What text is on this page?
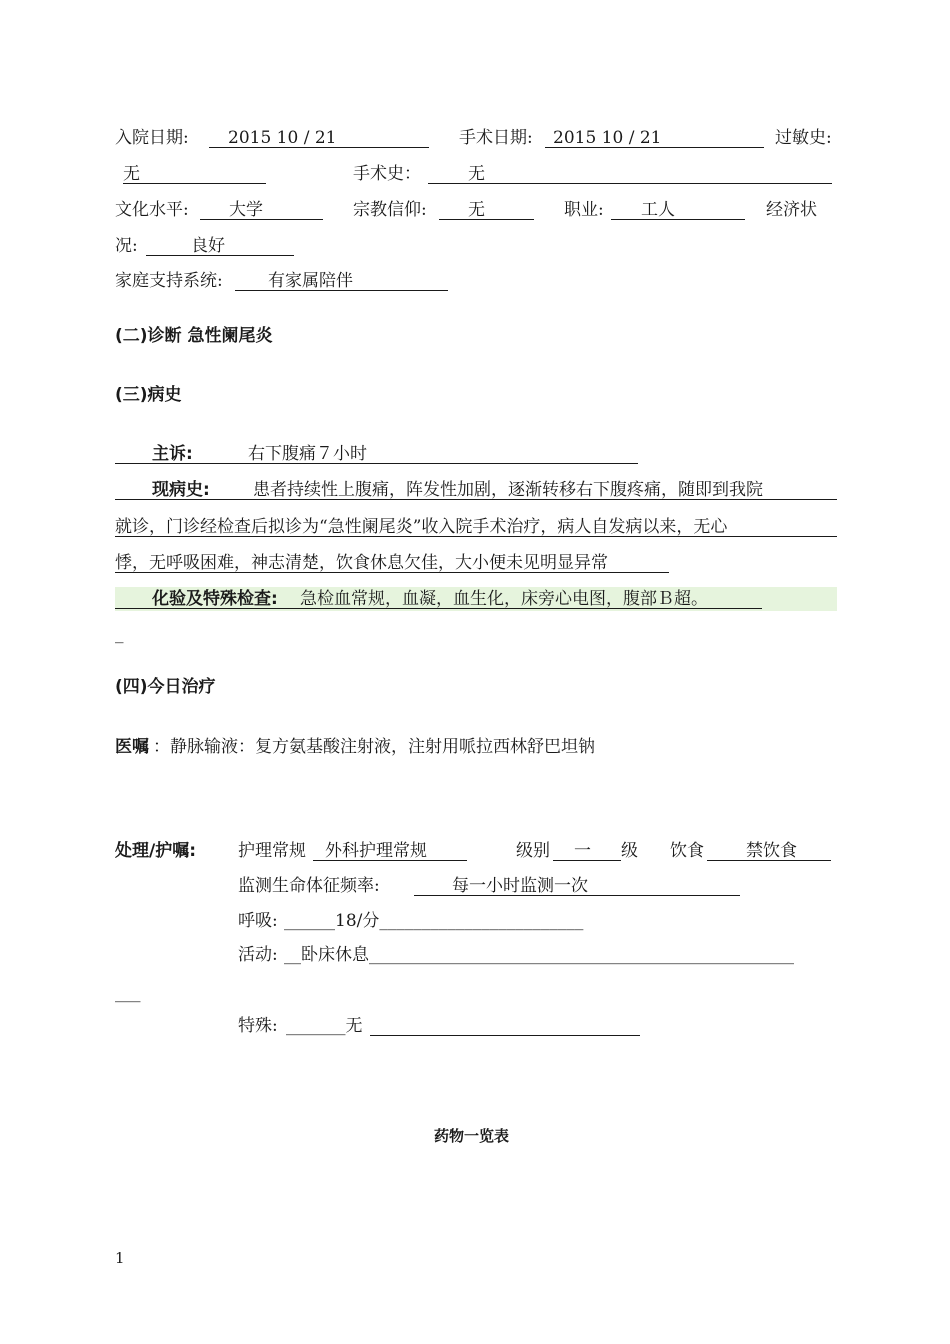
入院日期: 2015 10 / 21	手术日期: 2015 10 / 21	过敏史:
无	手术史：	无
文化水平: 大学	宗教信仰: 无	职业: 工人	经济状
况:	良好
家庭支持系统:	有家属陪伴
(二)诊断 急性阑尾炎
(三)病史
主诉:	右下腹痛７小时
现病史:	患者持续性上腹痛，阵发性加剧，逐渐转移右下腹疼痛，随即到我院
就诊，门诊经检查后拟诊为“急性阑尾炎”收入院手术治疗，病人自发病以来，无心
悸，无呼吸困难，神志清楚，饮食休息欠佳，大小便未见明显异常
化验及特殊检查: 急检血常规，血凝，血生化，床旁心电图，腹部Ｂ超。
_
(四)今日治疗
医嘱 ：静脉输液：复方氨基酸注射液，注射用哌拉西林舒巴坦钠
处理/护嘱: 护理常规 外科护理常规	级别 一 级 饮食 禁饮食
监测生命体征频率:	每一小时监测一次
呼吸: ______18/分________________________
活动: __卧床休息__________________________________________________
___
特殊: _______无
药物一览表
1
